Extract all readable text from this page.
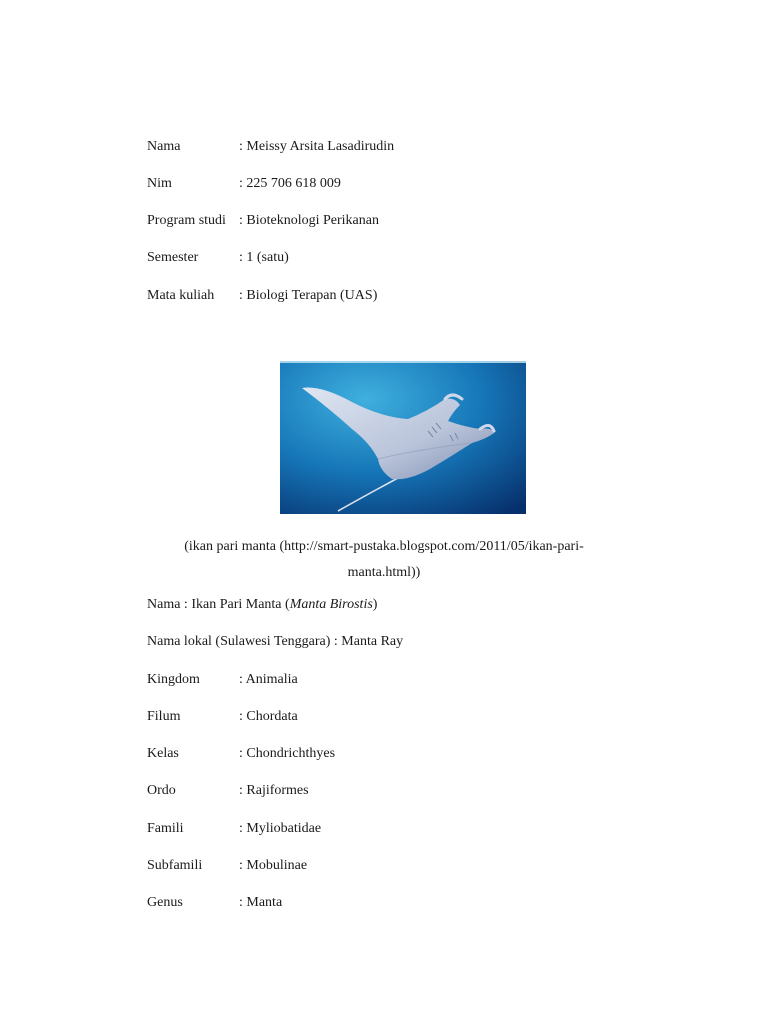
Nama	: Meissy Arsita Lasadirudin
Nim	: 225 706 618 009
Program studi : Bioteknologi Perikanan
Semester	: 1 (satu)
Mata kuliah : Biologi Terapan (UAS)
(ikan pari manta (http://smart-pustaka.blogspot.com/2011/05/ikan-pari-
manta.html))
Nama : Ikan Pari Manta (Manta Birostis)
Nama lokal (Sulawesi Tenggara) : Manta Ray
Kingdom	: Animalia
Filum	: Chordata
Kelas	: Chondrichthyes
Ordo	: Rajiformes
Famili	: Myliobatidae
Subfamili	: Mobulinae
Genus	: Manta
